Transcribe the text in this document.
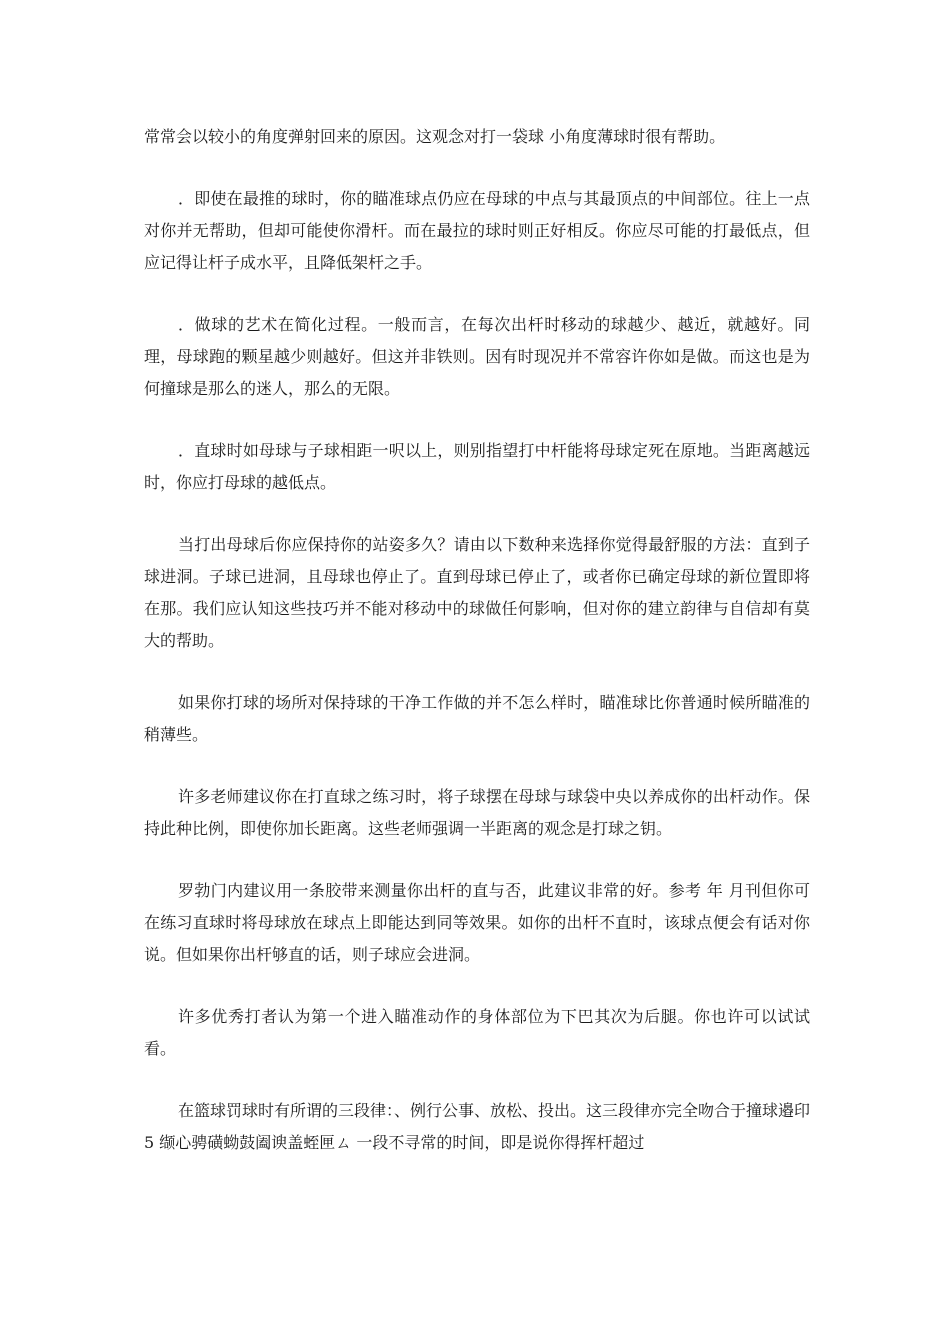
常常会以较小的角度弹射回来的原因。这观念对打一袋球 小角度薄球时很有帮助。

．即使在最推的球时，你的瞄准球点仍应在母球的中点与其最顶点的中间部位。往上一点对你并无帮助，但却可能使你滑杆。而在最拉的球时则正好相反。你应尽可能的打最低点，但应记得让杆子成水平，且降低架杆之手。

．做球的艺术在简化过程。一般而言，在每次出杆时移动的球越少、越近，就越好。同理，母球跑的颗星越少则越好。但这并非铁则。因有时现况并不常容许你如是做。而这也是为何撞球是那么的迷人，那么的无限。

．直球时如母球与子球相距一呎以上，则别指望打中杆能将母球定死在原地。当距离越远时，你应打母球的越低点。

当打出母球后你应保持你的站姿多久？请由以下数种来选择你觉得最舒服的方法：直到子球进洞。子球已进洞，且母球也停止了。直到母球已停止了，或者你已确定母球的新位置即将在那。我们应认知这些技巧并不能对移动中的球做任何影响，但对你的建立韵律与自信却有莫大的帮助。

如果你打球的场所对保持球的干净工作做的并不怎么样时，瞄准球比你普通时候所瞄准的稍薄些。

许多老师建议你在打直球之练习时，将子球摆在母球与球袋中央以养成你的出杆动作。保持此种比例，即使你加长距离。这些老师强调一半距离的观念是打球之钥。

罗勃门内建议用一条胶带来测量你出杆的直与否，此建议非常的好。参考 年 月刊但你可在练习直球时将母球放在球点上即能达到同等效果。如你的出杆不直时，该球点便会有话对你说。但如果你出杆够直的话，则子球应会进洞。

许多优秀打者认为第一个进入瞄准动作的身体部位为下巴其次为后腿。你也许可以试试看。

在篮球罚球时有所谓的三段律：、例行公事、放松、投出。这三段律亦完全吻合于撞球邉印5 缬心骋磺蚴鼓阖谀盖蛭匣ㄙ 一段不寻常的时间，即是说你得挥杆超过
